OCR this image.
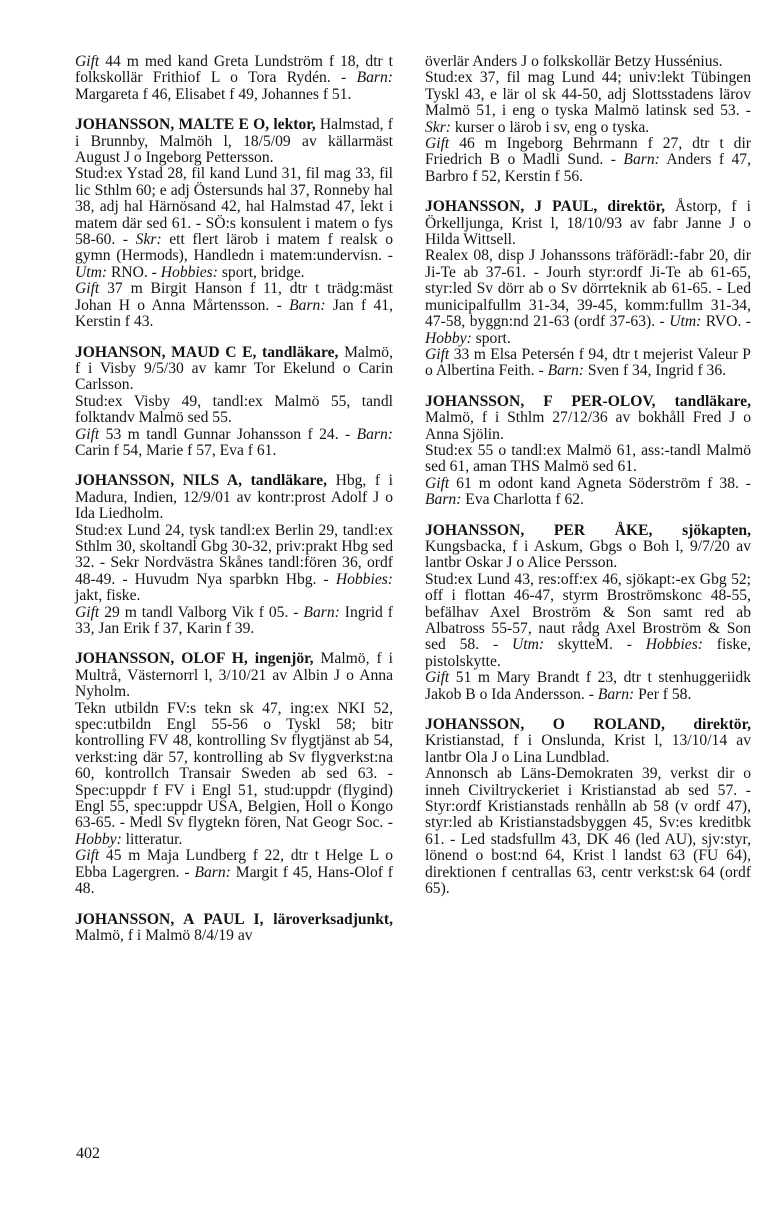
Gift 44 m med kand Greta Lundström f 18, dtr t folkskollär Frithiof L o Tora Rydén. - Barn: Margareta f 46, Elisabet f 49, Johannes f 51.

JOHANSSON, MALTE E O, lektor, Halmstad, f i Brunnby, Malmöh l, 18/5/09 av källarmäst August J o Ingeborg Pettersson.

Stud:ex Ystad 28, fil kand Lund 31, fil mag 33, fil lic Sthlm 60; e adj Östersunds hal 37, Ronneby hal 38, adj hal Härnösand 42, hal Halmstad 47, lekt i matem där sed 61. - SÖ:s konsulent i matem o fys 58-60. - Skr: ett flert lärob i matem f realsk o gymn (Hermods), Handledn i matem:undervisn. - Utm: RNO. - Hobbies: sport, bridge.

Gift 37 m Birgit Hanson f 11, dtr t trädg:mäst Johan H o Anna Mårtensson. - Barn: Jan f 41, Kerstin f 43.

JOHANSON, MAUD C E, tandläkare, Malmö, f i Visby 9/5/30 av kamr Tor Ekelund o Carin Carlsson.

Stud:ex Visby 49, tandl:ex Malmö 55, tandl folktandv Malmö sed 55.

Gift 53 m tandl Gunnar Johansson f 24. - Barn: Carin f 54, Marie f 57, Eva f 61.

JOHANSSON, NILS A, tandläkare, Hbg, f i Madura, Indien, 12/9/01 av kontr:prost Adolf J o Ida Liedholm.

Stud:ex Lund 24, tysk tandl:ex Berlin 29, tandl:ex Sthlm 30, skoltandl Gbg 30-32, priv:prakt Hbg sed 32. - Sekr Nordvästra Skånes tandl:fören 36, ordf 48-49. - Huvudm Nya sparbkn Hbg. - Hobbies: jakt, fiske.

Gift 29 m tandl Valborg Vik f 05. - Barn: Ingrid f 33, Jan Erik f 37, Karin f 39.

JOHANSSON, OLOF H, ingenjör, Malmö, f i Multrå, Västernorrl l, 3/10/21 av Albin J o Anna Nyholm.

Tekn utbildn FV:s tekn sk 47, ing:ex NKI 52, spec:utbildn Engl 55-56 o Tyskl 58; bitr kontrolling FV 48, kontrolling Sv flygtjänst ab 54, verkst:ing där 57, kontrolling ab Sv flygverkst:na 60, kontrollch Transair Sweden ab sed 63. - Spec:uppdr f FV i Engl 51, stud:uppdr (flygind) Engl 55, spec:uppdr USA, Belgien, Holl o Kongo 63-65. - Medl Sv flygtekn fören, Nat Geogr Soc. - Hobby: litteratur.

Gift 45 m Maja Lundberg f 22, dtr t Helge L o Ebba Lagergren. - Barn: Margit f 45, Hans-Olof f 48.

JOHANSSON, A PAUL I, läroverksadjunkt, Malmö, f i Malmö 8/4/19 av

överlär Anders J o folkskollär Betzy Hussénius.

Stud:ex 37, fil mag Lund 44; univ:lekt Tübingen Tyskl 43, e lär ol sk 44-50, adj Slottsstadens lärov Malmö 51, i eng o tyska Malmö latinsk sed 53. - Skr: kurser o lärob i sv, eng o tyska.

Gift 46 m Ingeborg Behrmann f 27, dtr t dir Friedrich B o Madli Sund. - Barn: Anders f 47, Barbro f 52, Kerstin f 56.

JOHANSSON, J PAUL, direktör, Åstorp, f i Örkelljunga, Krist l, 18/10/93 av fabr Janne J o Hilda Wittsell.

Realex 08, disp J Johanssons träförädl:-fabr 20, dir Ji-Te ab 37-61. - Jourh styr:ordf Ji-Te ab 61-65, styr:led Sv dörr ab o Sv dörrteknik ab 61-65. - Led municipalfullm 31-34, 39-45, komm:fullm 31-34, 47-58, byggn:nd 21-63 (ordf 37-63). - Utm: RVO. - Hobby: sport.

Gift 33 m Elsa Petersén f 94, dtr t mejerist Valeur P o Albertina Feith. - Barn: Sven f 34, Ingrid f 36.

JOHANSSON, F PER-OLOV, tandläkare, Malmö, f i Sthlm 27/12/36 av bokhåll Fred J o Anna Sjölin.

Stud:ex 55 o tandl:ex Malmö 61, ass:-tandl Malmö sed 61, aman THS Malmö sed 61.

Gift 61 m odont kand Agneta Söderström f 38. - Barn: Eva Charlotta f 62.

JOHANSSON, PER ÅKE, sjökapten, Kungsbacka, f i Askum, Gbgs o Boh l, 9/7/20 av lantbr Oskar J o Alice Persson.

Stud:ex Lund 43, res:off:ex 46, sjökapt:-ex Gbg 52; off i flottan 46-47, styrm Broströmskonc 48-55, befälhav Axel Broström & Son samt red ab Albatross 55-57, naut rådg Axel Broström & Son sed 58. - Utm: skytteM. - Hobbies: fiske, pistolskytte.

Gift 51 m Mary Brandt f 23, dtr t stenhuggeriidk Jakob B o Ida Andersson. - Barn: Per f 58.

JOHANSSON, O ROLAND, direktör, Kristianstad, f i Onslunda, Krist l, 13/10/14 av lantbr Ola J o Lina Lundblad.

Annonsch ab Läns-Demokraten 39, verkst dir o inneh Civiltryckeriet i Kristianstad ab sed 57. - Styr:ordf Kristianstads renhålln ab 58 (v ordf 47), styr:led ab Kristianstadsbyggen 45, Sv:es kreditbk 61. - Led stadsfullm 43, DK 46 (led AU), sjv:styr, lönend o bost:nd 64, Krist l landst 63 (FU 64), direktionen f centrallas 63, centr verkst:sk 64 (ordf 65).

402
